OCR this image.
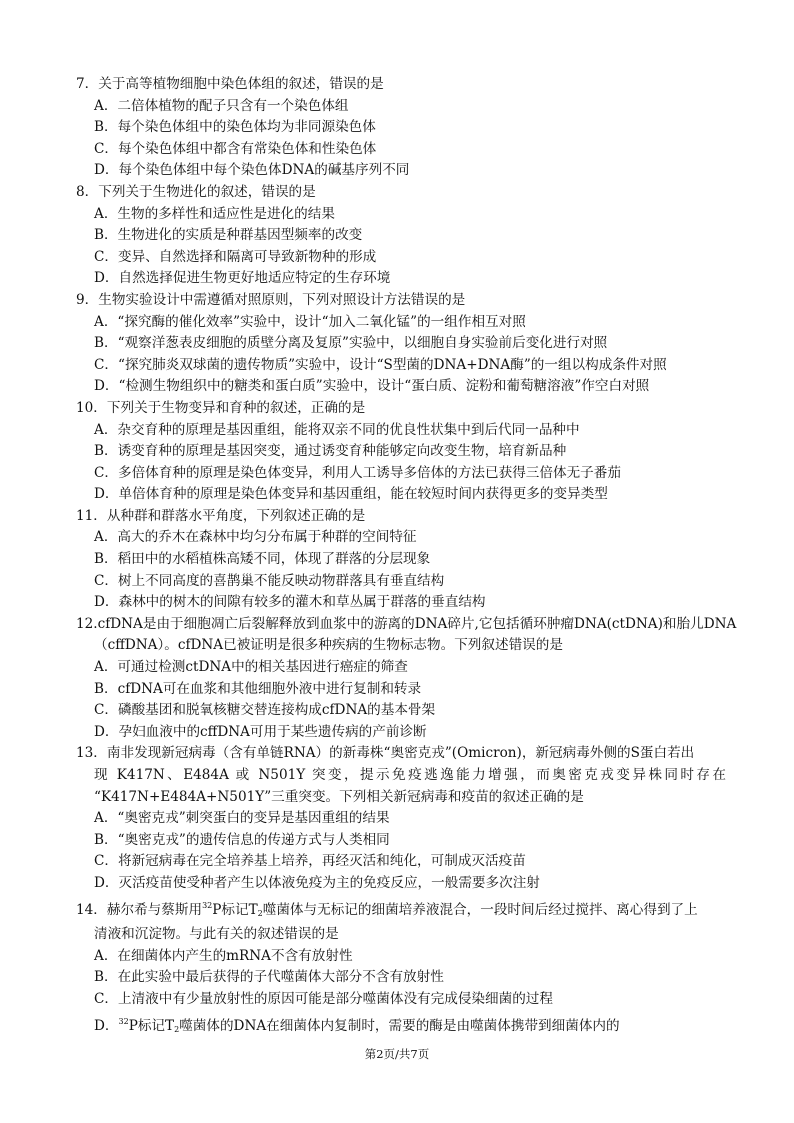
7．关于高等植物细胞中染色体组的叙述，错误的是
A．二倍体植物的配子只含有一个染色体组
B．每个染色体组中的染色体均为非同源染色体
C．每个染色体组中都含有常染色体和性染色体
D．每个染色体组中每个染色体DNA的碱基序列不同
8．下列关于生物进化的叙述，错误的是
A．生物的多样性和适应性是进化的结果
B．生物进化的实质是种群基因型频率的改变
C．变异、自然选择和隔离可导致新物种的形成
D．自然选择促进生物更好地适应特定的生存环境
9．生物实验设计中需遵循对照原则，下列对照设计方法错误的是
A．“探究酶的催化效率”实验中，设计“加入二氧化锰”的一组作相互对照
B．“观察洋葱表皮细胞的质壁分离及复原”实验中，以细胞自身实验前后变化进行对照
C．“探究肺炎双球菌的遗传物质”实验中，设计“S型菌的DNA+DNA酶”的一组以构成条件对照
D．“检测生物组织中的糖类和蛋白质”实验中，设计“蛋白质、淀粉和葡萄糖溶液”作空白对照
10．下列关于生物变异和育种的叙述，正确的是
A．杂交育种的原理是基因重组，能将双亲不同的优良性状集中到后代同一品种中
B．诱变育种的原理是基因突变，通过诱变育种能够定向改变生物，培育新品种
C．多倍体育种的原理是染色体变异，利用人工诱导多倍体的方法已获得三倍体无子番茄
D．单倍体育种的原理是染色体变异和基因重组，能在较短时间内获得更多的变异类型
11．从种群和群落水平角度，下列叙述正确的是
A．高大的乔木在森林中均匀分布属于种群的空间特征
B．稻田中的水稻植株高矮不同，体现了群落的分层现象
C．树上不同高度的喜鹊巢不能反映动物群落具有垂直结构
D．森林中的树木的间隙有较多的灌木和草丛属于群落的垂直结构
12.cfDNA是由于细胞凋亡后裂解释放到血浆中的游离的DNA碎片,它包括循环肿瘤DNA(ctDNA)和胎儿DNA
（cffDNA）。cfDNA已被证明是很多种疾病的生物标志物。下列叙述错误的是
A．可通过检测ctDNA中的相关基因进行癌症的筛查
B．cfDNA可在血浆和其他细胞外液中进行复制和转录
C．磷酸基团和脱氧核糖交替连接构成cfDNA的基本骨架
D．孕妇血液中的cffDNA可用于某些遗传病的产前诊断
13．南非发现新冠病毒（含有单链RNA）的新毒株“奥密克戎”(Omicron)，新冠病毒外侧的S蛋白若出
现 K417N、E484A 或 N501Y 突变，提示免疫逃逸能力增强，而奥密克戎变异株同时存在
“K417N+E484A+N501Y”三重突变。下列相关新冠病毒和疫苗的叙述正确的是
A．“奥密克戎”刺突蛋白的变异是基因重组的结果
B．“奥密克戎”的遗传信息的传递方式与人类相同
C．将新冠病毒在完全培养基上培养，再经灭活和纯化，可制成灭活疫苗
D．灭活疫苗使受种者产生以体液免疫为主的免疫反应，一般需要多次注射
14．赫尔希与蔡斯用$^{32}$P标记$T_2$噬菌体与无标记的细菌培养液混合，一段时间后经过搅拌、离心得到了上
清液和沉淀物。与此有关的叙述错误的是
A．在细菌体内产生的mRNA不含有放射性
B．在此实验中最后获得的子代噬菌体大部分不含有放射性
C．上清液中有少量放射性的原因可能是部分噬菌体没有完成侵染细菌的过程
D．$^{32}$P标记$T_2$噬菌体的DNA在细菌体内复制时，需要的酶是由噬菌体携带到细菌体内的
第2页/共7页
